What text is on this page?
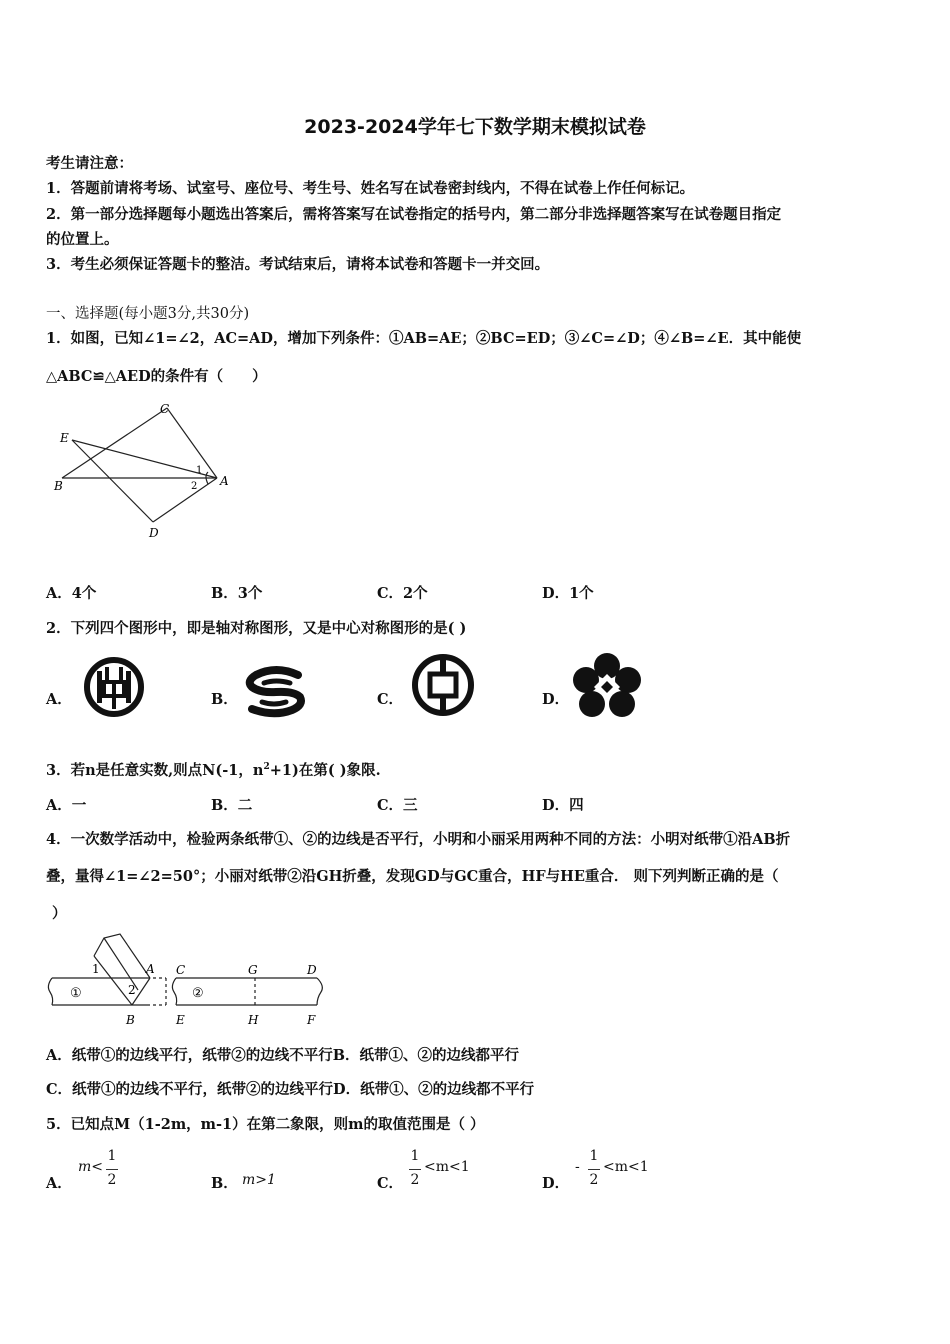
2023-2024学年七下数学期末模拟试卷
考生请注意：
1．答题前请将考场、试室号、座位号、考生号、姓名写在试卷密封线内，不得在试卷上作任何标记。
2．第一部分选择题每小题选出答案后，需将答案写在试卷指定的括号内，第二部分非选择题答案写在试卷题目指定
的位置上。
3．考生必须保证答题卡的整洁。考试结束后，请将本试卷和答题卡一并交回。
一、选择题(每小题3分,共30分)
1．如图，已知∠1=∠2，AC=AD，增加下列条件：①AB=AE；②BC=ED；③∠C=∠D；④∠B=∠E．其中能使
△ABC≌△AED的条件有（　　）
C
E
B	A
D
1
2
A．4个	B．3个	C．2个	D．1个
2．下列四个图形中，即是轴对称图形，又是中心对称图形的是( )
A．	B．	C．	D．
3．若n是任意实数,则点N(-1，$n^2+1$)在第( )象限.
A．一	B．二	C．三	D．四
4．一次数学活动中，检验两条纸带①、②的边线是否平行，小明和小丽采用两种不同的方法：小明对纸带①沿AB折
叠，量得∠1=∠2=50°；小丽对纸带②沿GH折叠，发现GD与GC重合，HF与HE重合． 则下列判断正确的是（
）
1	A
2
①
B
C	G	D
②
E	H	F
A．纸带①的边线平行，纸带②的边线不平行B．纸带①、②的边线都平行
C．纸带①的边线不平行，纸带②的边线平行D．纸带①、②的边线都不平行
5．已知点M（1-2m，m-1）在第二象限，则m的取值范围是（ ）
A．
m<
1
2	B． m>1	C．
1
2
<m<1
D．
-
1
2
<m<1
